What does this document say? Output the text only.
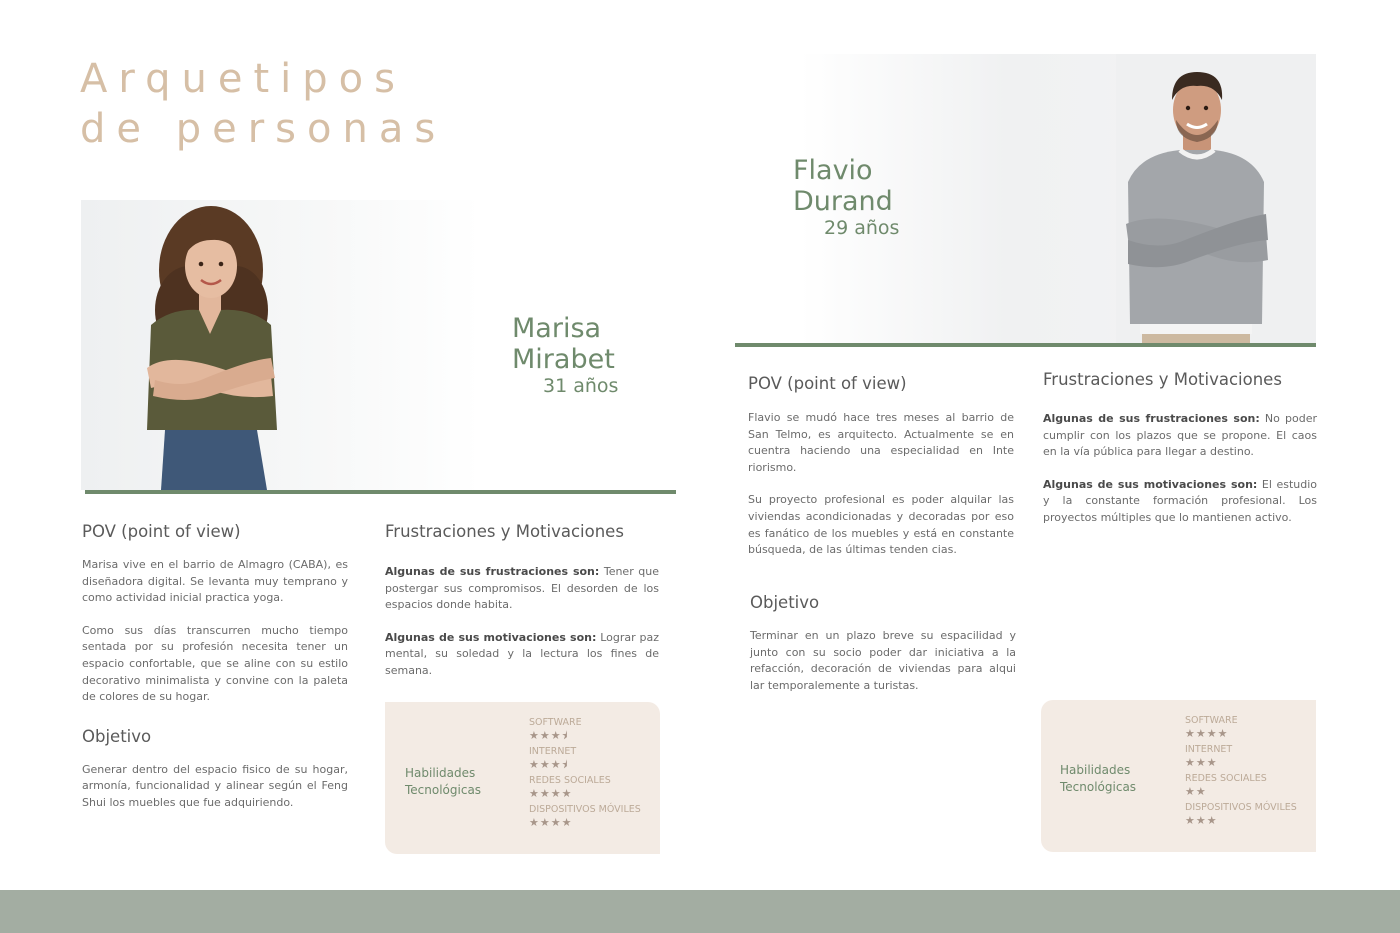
Arquetipos
de personas
Marisa
Mirabet
31 años
POV (point of view)

Marisa vive en el barrio de Almagro (CABA), es diseñadora digital. Se levanta muy temprano y como actividad inicial practica yoga.

Como sus días transcurren mucho tiempo sentada por su profesión necesita tener un espacio confortable, que se aline con su estilo decorativo minimalista y convine con la paleta de colores de su hogar.

Objetivo

Generar dentro del espacio fisico de su hogar, armonía, funcionalidad y alinear según el Feng Shui los muebles que fue adquiriendo.

Frustraciones y Motivaciones

Algunas de sus frustraciones son: Tener que postergar sus compromisos. El desorden de los espacios donde habita.

Algunas de sus motivaciones son: Lograr paz mental, su soledad y la lectura los fines de semana.

Habilidades
Tecnológicas
SOFTWARE
★★★⯨
INTERNET
★★★⯨
REDES SOCIALES
★★★★
DISPOSITIVOS MÓVILES
★★★★
Flavio
Durand
29 años
POV (point of view)

Flavio se mudó hace tres meses al barrio de San Telmo, es arquitecto. Actualmente se en cuentra haciendo una especialidad en Inte riorismo.

Su proyecto profesional es poder alquilar las viviendas acondicionadas y decoradas por eso es fanático de los muebles y está en constante búsqueda, de las últimas tenden cias.

Objetivo

Terminar en un plazo breve su espacilidad y junto con su socio poder dar iniciativa a la refacción, decoración de viviendas para alqui lar temporalemente a turistas.

Frustraciones y Motivaciones

Algunas de sus frustraciones son: No poder cumplir con los plazos que se propone. El caos en la vía pública para llegar a destino.

Algunas de sus motivaciones son: El estudio y la constante formación profesional. Los proyectos múltiples que lo mantienen activo.

Habilidades
Tecnológicas
SOFTWARE
★★★★
INTERNET
★★★
REDES SOCIALES
★★
DISPOSITIVOS MÓVILES
★★★
